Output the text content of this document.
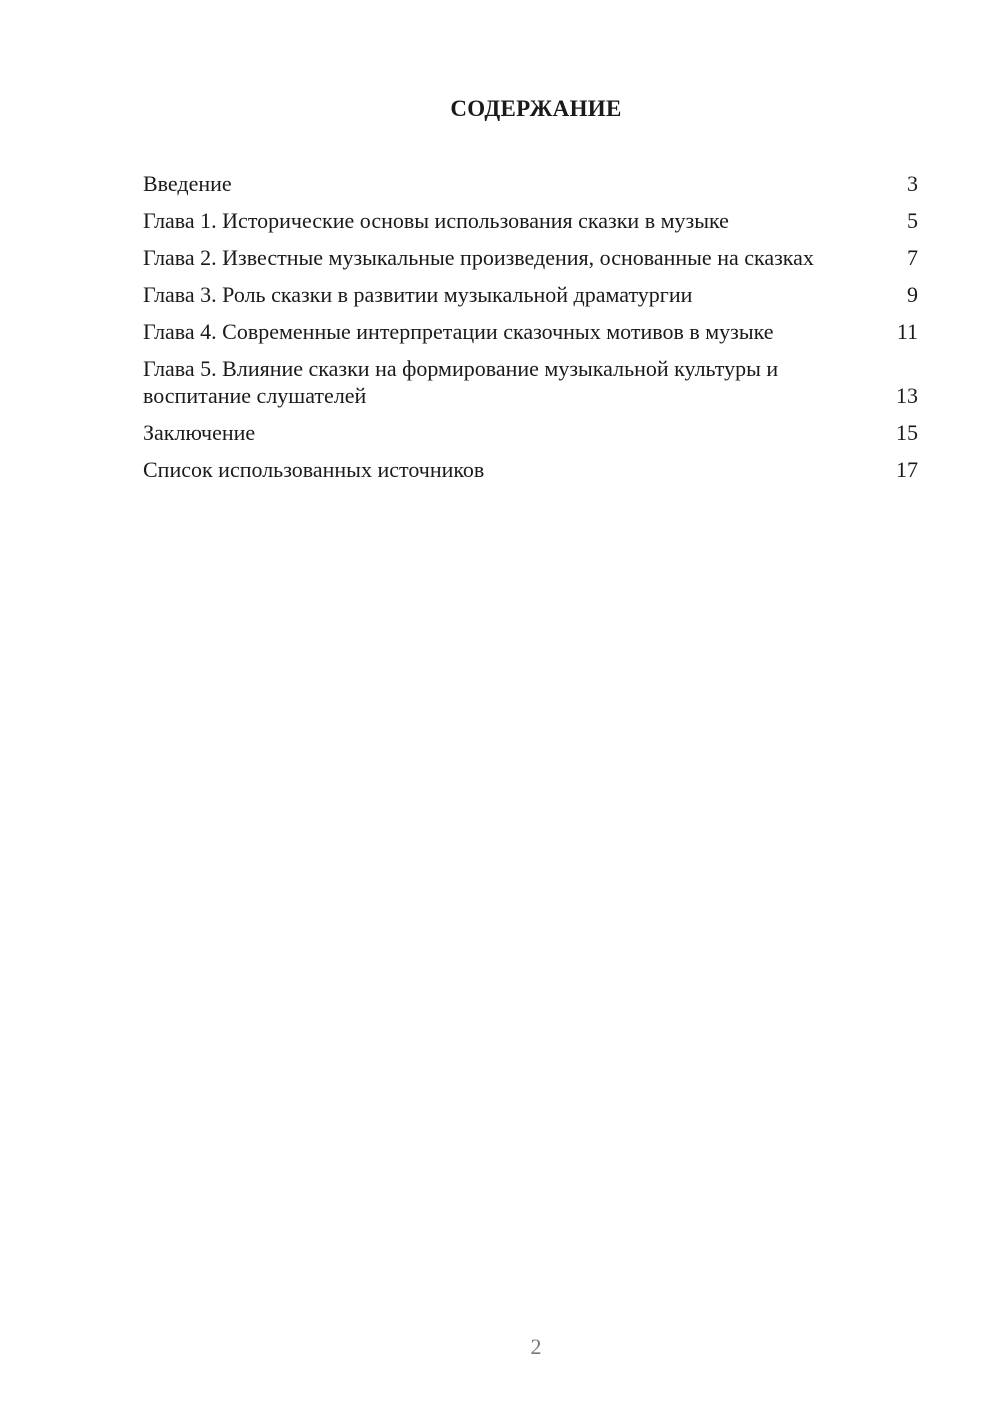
СОДЕРЖАНИЕ
Введение	3
Глава 1. Исторические основы использования сказки в музыке	5
Глава 2. Известные музыкальные произведения, основанные на сказках	7
Глава 3. Роль сказки в развитии музыкальной драматургии	9
Глава 4. Современные интерпретации сказочных мотивов в музыке	11
Глава 5. Влияние сказки на формирование музыкальной культуры и воспитание слушателей	13
Заключение	15
Список использованных источников	17
2
